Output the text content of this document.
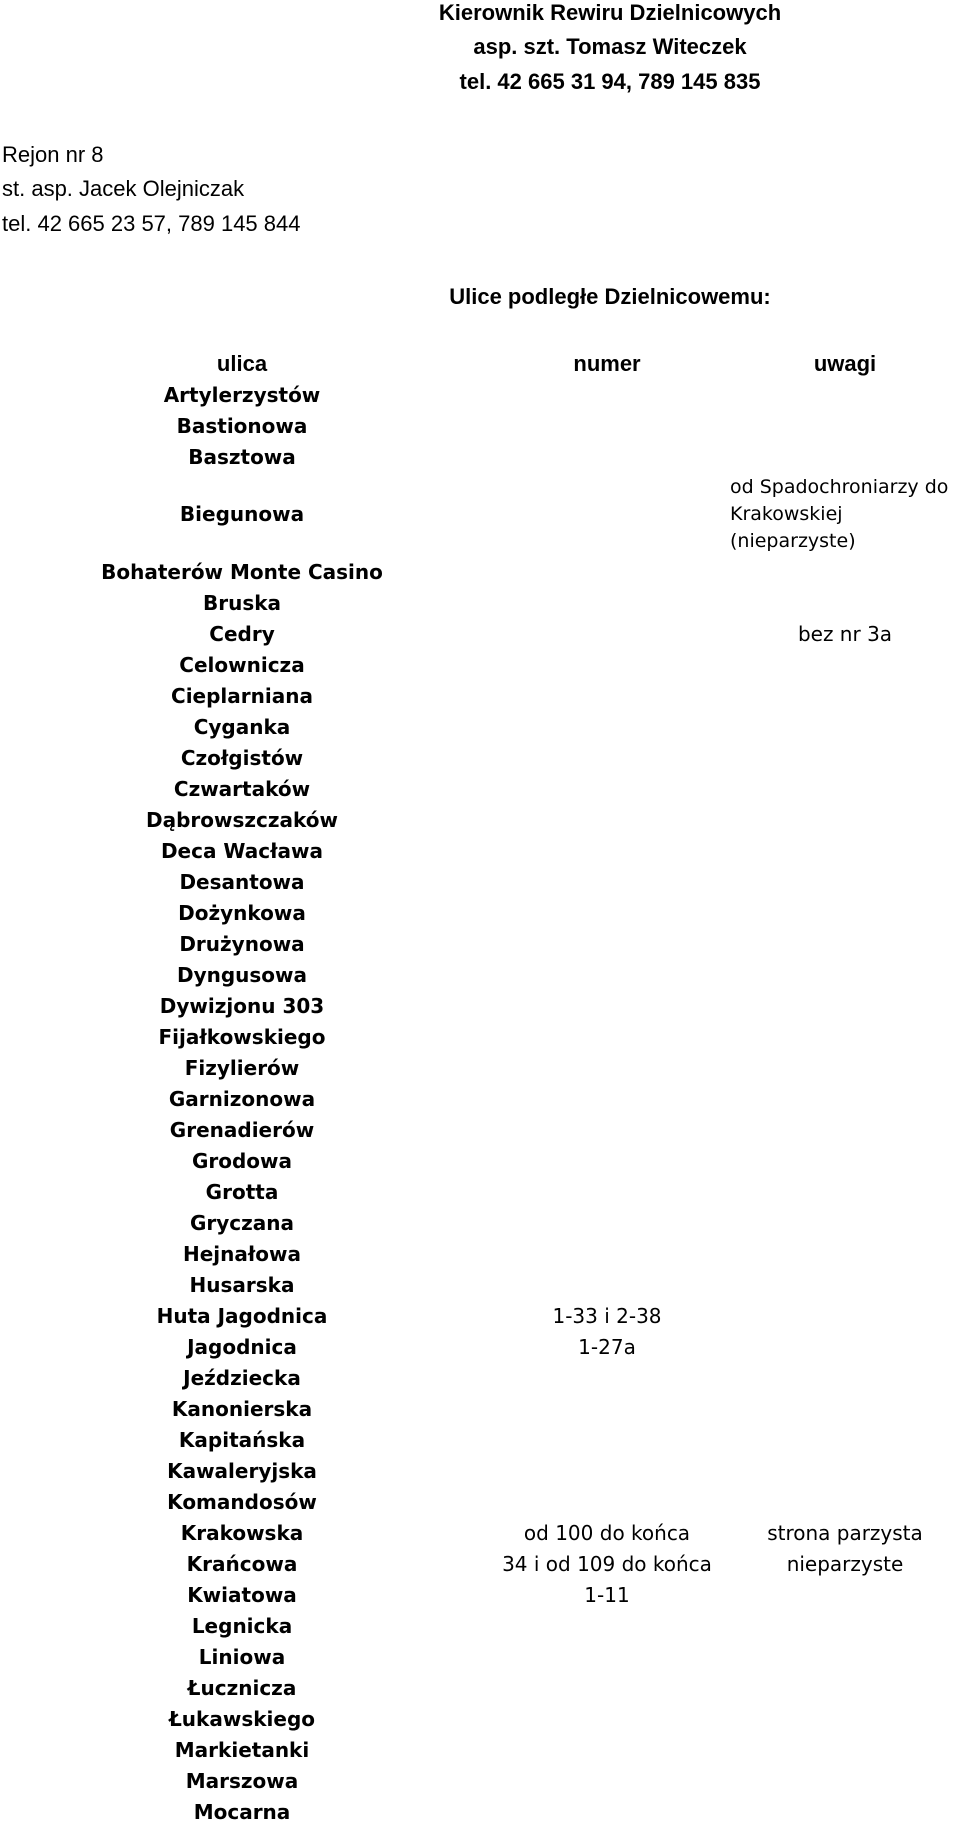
Kierownik Rewiru Dzielnicowych

asp. szt. Tomasz Witeczek

tel. 42 665 31 94, 789 145 835

Rejon nr 8

st. asp. Jacek Olejniczak

tel. 42 665 23 57, 789 145 844

Ulice podległe Dzielnicowemu:

ulica	numer	uwagi
Artylerzystów		
Bastionowa		
Basztowa		
Biegunowa		od Spadochroniarzy do Krakowskiej (nieparzyste)
Bohaterów Monte Casino		
Bruska		
Cedry		bez nr 3a
Celownicza		
Cieplarniana		
Cyganka		
Czołgistów		
Czwartaków		
Dąbrowszczaków		
Deca Wacława		
Desantowa		
Dożynkowa		
Drużynowa		
Dyngusowa		
Dywizjonu 303		
Fijałkowskiego		
Fizylierów		
Garnizonowa		
Grenadierów		
Grodowa		
Grotta		
Gryczana		
Hejnałowa		
Husarska		
Huta Jagodnica	1-33 i 2-38	
Jagodnica	1-27a	
Jeździecka		
Kanonierska		
Kapitańska		
Kawaleryjska		
Komandosów		
Krakowska	od 100 do końca	strona parzysta
Krańcowa	34 i od 109 do końca	nieparzyste
Kwiatowa	1-11	
Legnicka		
Liniowa		
Łucznicza		
Łukawskiego		
Markietanki		
Marszowa		
Mocarna		
